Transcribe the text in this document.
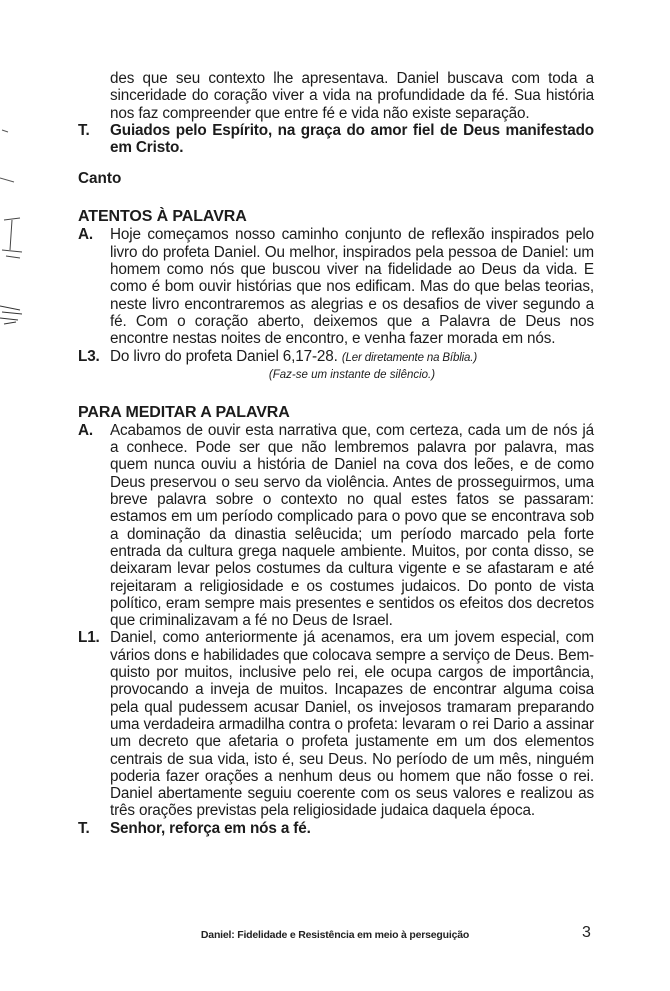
des que seu contexto lhe apresentava. Daniel buscava com toda a sinceridade do coração viver a vida na profundidade da fé. Sua história nos faz compreender que entre fé e vida não existe separação.
T. Guiados pelo Espírito, na graça do amor fiel de Deus manifestado em Cristo.
Canto
ATENTOS À PALAVRA
A. Hoje começamos nosso caminho conjunto de reflexão inspirados pelo livro do profeta Daniel. Ou melhor, inspirados pela pessoa de Daniel: um homem como nós que buscou viver na fidelidade ao Deus da vida. E como é bom ouvir histórias que nos edificam. Mas do que belas teorias, neste livro encontraremos as alegrias e os desafios de viver segundo a fé. Com o coração aberto, deixemos que a Palavra de Deus nos encontre nestas noites de encontro, e venha fazer morada em nós.
L3. Do livro do profeta Daniel 6,17-28. (Ler diretamente na Bíblia.)
(Faz-se um instante de silêncio.)
PARA MEDITAR A PALAVRA
A. Acabamos de ouvir esta narrativa que, com certeza, cada um de nós já a conhece. Pode ser que não lembremos palavra por palavra, mas quem nunca ouviu a história de Daniel na cova dos leões, e de como Deus preservou o seu servo da violência. Antes de prosseguirmos, uma breve palavra sobre o contexto no qual estes fatos se passaram: estamos em um período complicado para o povo que se encontrava sob a dominação da dinastia selêucida; um período marcado pela forte entrada da cultura grega naquele ambiente. Muitos, por conta disso, se deixaram levar pelos costumes da cultura vigente e se afastaram e até rejeitaram a religiosidade e os costumes judaicos. Do ponto de vista político, eram sempre mais presentes e sentidos os efeitos dos decretos que criminalizavam a fé no Deus de Israel.
L1. Daniel, como anteriormente já acenamos, era um jovem especial, com vários dons e habilidades que colocava sempre a serviço de Deus. Bem-quisto por muitos, inclusive pelo rei, ele ocupa cargos de importância, provocando a inveja de muitos. Incapazes de encontrar alguma coisa pela qual pudessem acusar Daniel, os invejosos tramaram preparando uma verdadeira armadilha contra o profeta: levaram o rei Dario a assinar um decreto que afetaria o profeta justamente em um dos elementos centrais de sua vida, isto é, seu Deus. No período de um mês, ninguém poderia fazer orações a nenhum deus ou homem que não fosse o rei. Daniel abertamente seguiu coerente com os seus valores e realizou as três orações previstas pela religiosidade judaica daquela época.
T. Senhor, reforça em nós a fé.
Daniel: Fidelidade e Resistência em meio à perseguição	3
